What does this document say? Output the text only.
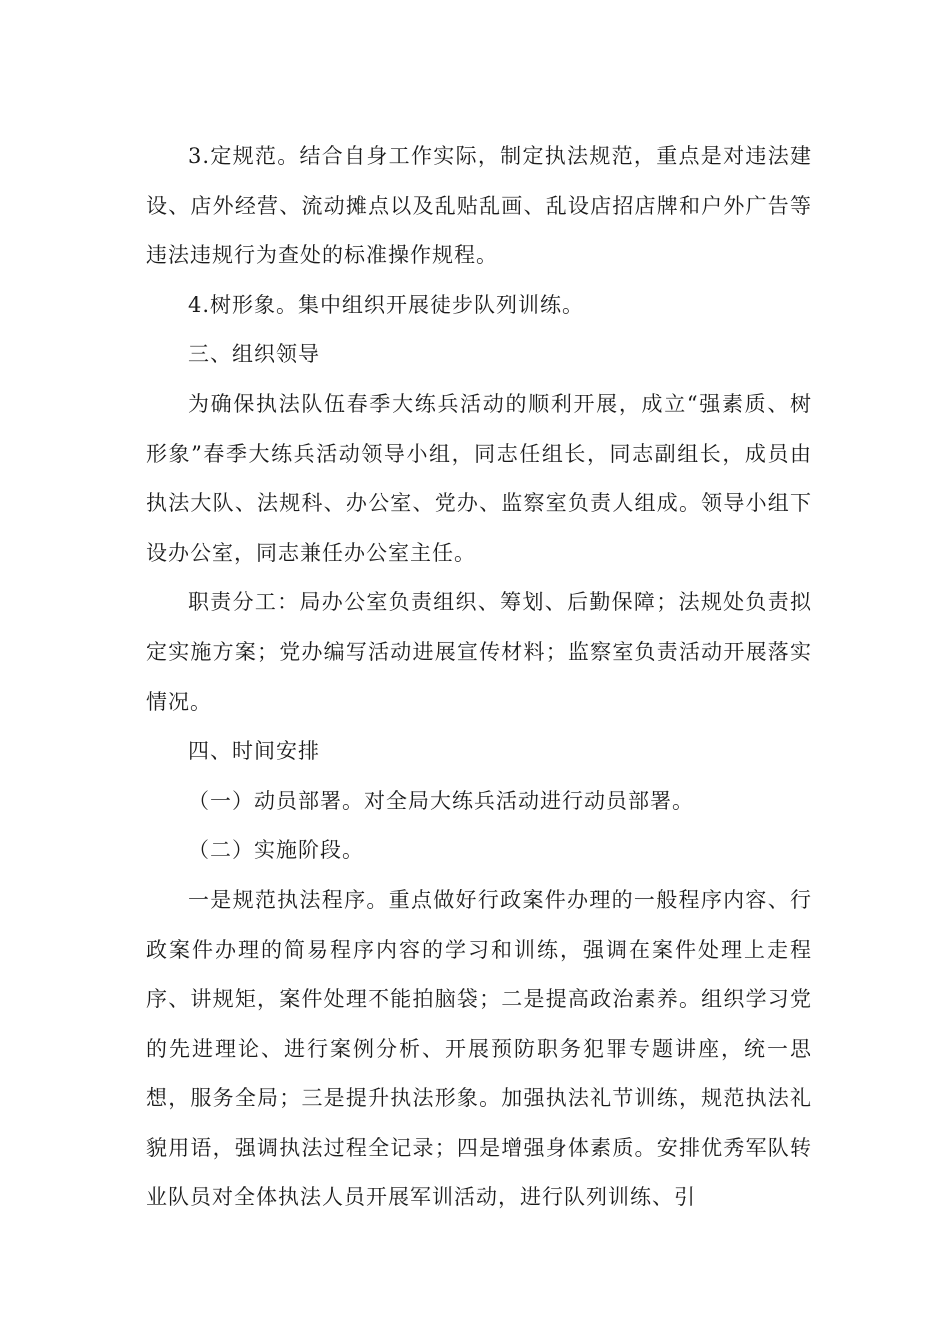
3.定规范。结合自身工作实际，制定执法规范，重点是对违法建设、店外经营、流动摊点以及乱贴乱画、乱设店招店牌和户外广告等违法违规行为查处的标准操作规程。

4.树形象。集中组织开展徒步队列训练。

三、组织领导

为确保执法队伍春季大练兵活动的顺利开展，成立“强素质、树形象”春季大练兵活动领导小组，同志任组长，同志副组长，成员由执法大队、法规科、办公室、党办、监察室负责人组成。领导小组下设办公室，同志兼任办公室主任。

职责分工：局办公室负责组织、筹划、后勤保障；法规处负责拟定实施方案；党办编写活动进展宣传材料；监察室负责活动开展落实情况。

四、时间安排

（一）动员部署。对全局大练兵活动进行动员部署。

（二）实施阶段。

一是规范执法程序。重点做好行政案件办理的一般程序内容、行政案件办理的简易程序内容的学习和训练，强调在案件处理上走程序、讲规矩，案件处理不能拍脑袋；二是提高政治素养。组织学习党的先进理论、进行案例分析、开展预防职务犯罪专题讲座，统一思想，服务全局；三是提升执法形象。加强执法礼节训练，规范执法礼貌用语，强调执法过程全记录；四是增强身体素质。安排优秀军队转业队员对全体执法人员开展军训活动，进行队列训练、引
